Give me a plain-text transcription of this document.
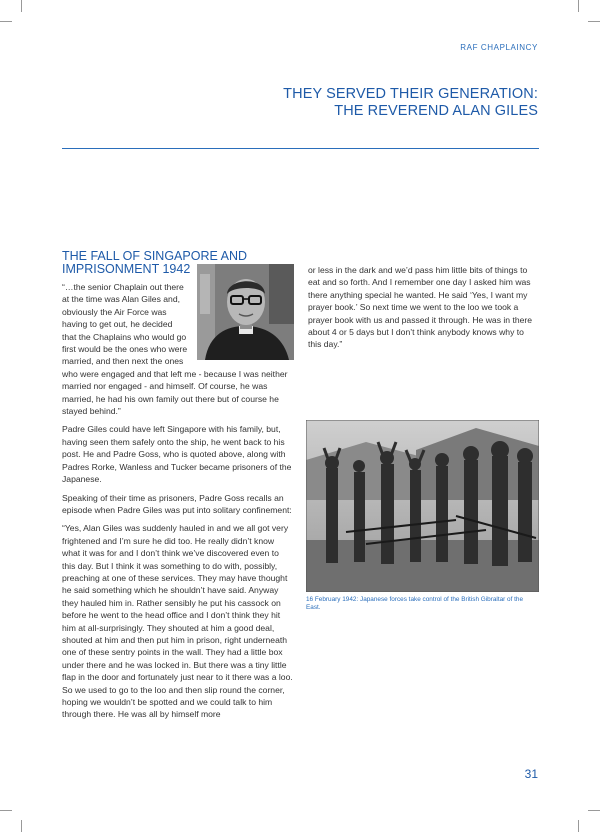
RAF CHAPLAINCY
THEY SERVED THEIR GENERATION:
THE REVEREND ALAN GILES
THE FALL OF SINGAPORE AND
IMPRISONMENT 1942

“…the senior Chaplain out there at the time was Alan Giles and, obviously the Air Force was having to get out, he decided that the Chaplains who would go first would be the ones who were married, and then next the ones who were engaged and that left me - because I was neither married nor engaged - and himself. Of course, he was married, he had his own family out there but of course he stayed behind.”

Padre Giles could have left Singapore with his family, but, having seen them safely onto the ship, he went back to his post. He and Padre Goss, who is quoted above, along with Padres Rorke, Wanless and Tucker became prisoners of the Japanese.

Speaking of their time as prisoners, Padre Goss recalls an episode when Padre Giles was put into solitary confinement:

“Yes, Alan Giles was suddenly hauled in and we all got very frightened and I’m sure he did too. He really didn’t know what it was for and I don’t think we’ve discovered even to this day. But I think it was something to do with, possibly, preaching at one of these services. They may have thought he said something which he shouldn’t have said. Anyway they hauled him in. Rather sensibly he put his cassock on before he went to the head office and I don’t think they hit him at all-surprisingly. They shouted at him a good deal, shouted at him and then put him in prison, right underneath one of these sentry points in the wall. They had a little box under there and he was locked in. But there was a tiny little flap in the door and fortunately just near to it there was a loo. So we used to go to the loo and then slip round the corner, hoping we wouldn’t be spotted and we could talk to him through there. He was all by himself more

or less in the dark and we’d pass him little bits of things to eat and so forth. And I remember one day I asked him was there anything special he wanted. He said ‘Yes, I want my prayer book.’ So next time we went to the loo we took a prayer book with us and passed it through. He was in there about 4 or 5 days but I don’t think anybody knows why to this day.”

16 February 1942: Japanese forces take control of the British Gibraltar of the East.
31
